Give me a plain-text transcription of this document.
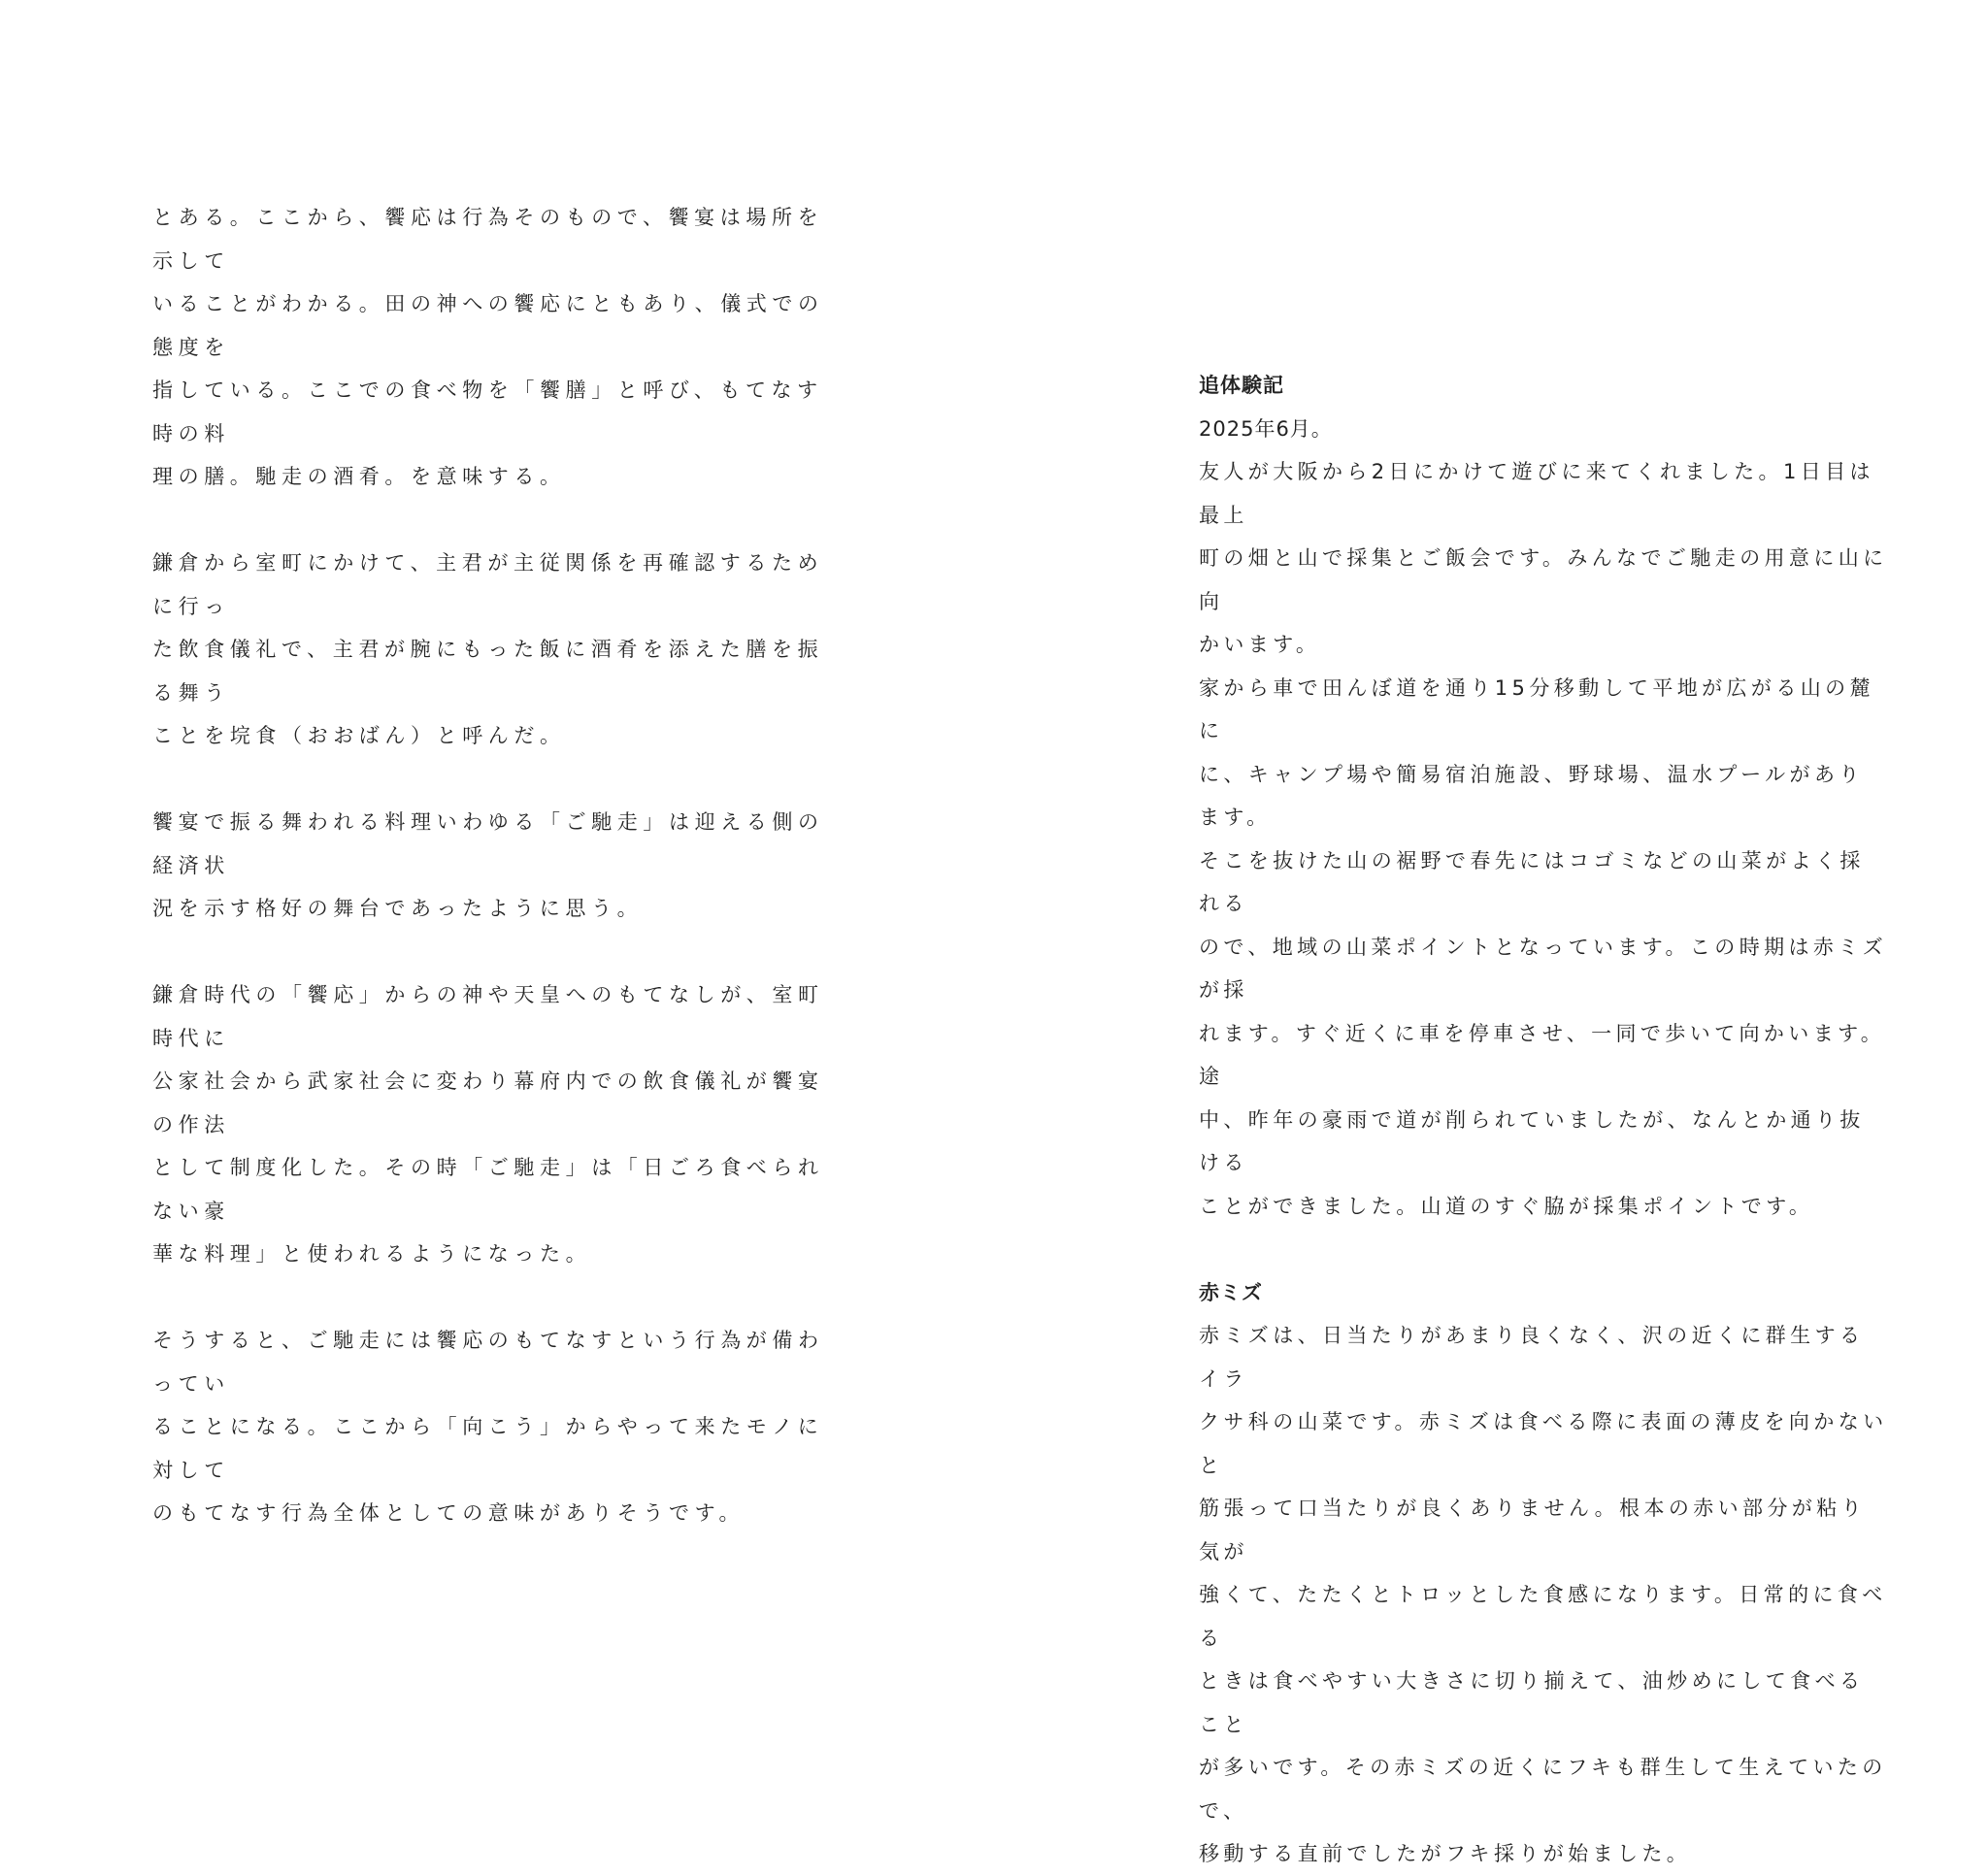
とある。ここから、饗応は行為そのもので、饗宴は場所を示して
いることがわかる。田の神への饗応にともあり、儀式での態度を
指している。ここでの食べ物を「饗膳」と呼び、もてなす時の料
理の膳。馳走の酒肴。を意味する。

鎌倉から室町にかけて、主君が主従関係を再確認するために行っ
た飲食儀礼で、主君が腕にもった飯に酒肴を添えた膳を振る舞う
ことを垸食（おおばん）と呼んだ。

饗宴で振る舞われる料理いわゆる「ご馳走」は迎える側の経済状
況を示す格好の舞台であったように思う。

鎌倉時代の「饗応」からの神や天皇へのもてなしが、室町時代に
公家社会から武家社会に変わり幕府内での飲食儀礼が饗宴の作法
として制度化した。その時「ご馳走」は「日ごろ食べられない豪
華な料理」と使われるようになった。

そうすると、ご馳走には饗応のもてなすという行為が備わってい
ることになる。ここから「向こう」からやって来たモノに対して
のもてなす行為全体としての意味がありそうです。

追体験記

2025年6月。

友人が大阪から2日にかけて遊びに来てくれました。1日目は最上
町の畑と山で採集とご飯会です。みんなでご馳走の用意に山に向
かいます。
家から車で田んぼ道を通り15分移動して平地が広がる山の麓に
に、キャンプ場や簡易宿泊施設、野球場、温水プールがあります。
そこを抜けた山の裾野で春先にはコゴミなどの山菜がよく採れる
ので、地域の山菜ポイントとなっています。この時期は赤ミズが採
れます。すぐ近くに車を停車させ、一同で歩いて向かいます。途
中、昨年の豪雨で道が削られていましたが、なんとか通り抜ける
ことができました。山道のすぐ脇が採集ポイントです。

赤ミズ

赤ミズは、日当たりがあまり良くなく、沢の近くに群生するイラ
クサ科の山菜です。赤ミズは食べる際に表面の薄皮を向かないと
筋張って口当たりが良くありません。根本の赤い部分が粘り気が
強くて、たたくとトロッとした食感になります。日常的に食べる
ときは食べやすい大きさに切り揃えて、油炒めにして食べること
が多いです。その赤ミズの近くにフキも群生して生えていたので、
移動する直前でしたがフキ採りが始ました。
